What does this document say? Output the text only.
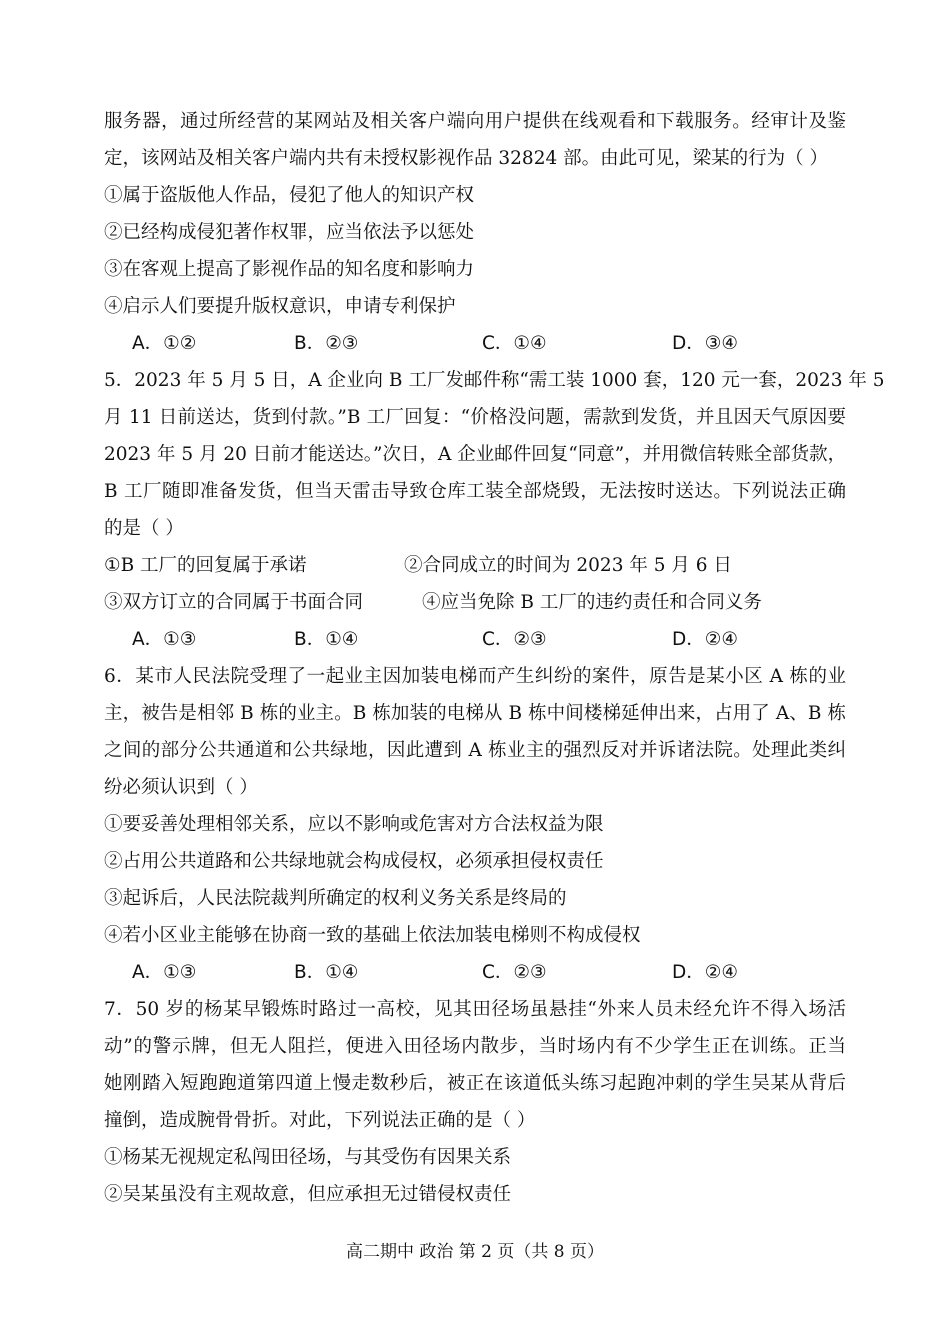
服务器，通过所经营的某网站及相关客户端向用户提供在线观看和下载服务。经审计及鉴
定，该网站及相关客户端内共有未授权影视作品 32824 部。由此可见，梁某的行为（ ）
①属于盗版他人作品，侵犯了他人的知识产权
②已经构成侵犯著作权罪，应当依法予以惩处
③在客观上提高了影视作品的知名度和影响力
④启示人们要提升版权意识，申请专利保护
A．①②	B．②③	C．①④	D．③④
5．2023 年 5 月 5 日，A 企业向 B 工厂发邮件称“需工装 1000 套，120 元一套，2023 年 5
月 11 日前送达，货到付款。”B 工厂回复：“价格没问题，需款到发货，并且因天气原因要
2023 年 5 月 20 日前才能送达。”次日，A 企业邮件回复“同意”，并用微信转账全部货款，
B 工厂随即准备发货，但当天雷击导致仓库工装全部烧毁，无法按时送达。下列说法正确
的是（ ）
①B 工厂的回复属于承诺	②合同成立的时间为 2023 年 5 月 6 日
③双方订立的合同属于书面合同	④应当免除 B 工厂的违约责任和合同义务
A．①③	B．①④	C．②③	D．②④
6．某市人民法院受理了一起业主因加装电梯而产生纠纷的案件，原告是某小区 A 栋的业
主，被告是相邻 B 栋的业主。B 栋加装的电梯从 B 栋中间楼梯延伸出来，占用了 A、B 栋
之间的部分公共通道和公共绿地，因此遭到 A 栋业主的强烈反对并诉诸法院。处理此类纠
纷必须认识到（ ）
①要妥善处理相邻关系，应以不影响或危害对方合法权益为限
②占用公共道路和公共绿地就会构成侵权，必须承担侵权责任
③起诉后，人民法院裁判所确定的权利义务关系是终局的
④若小区业主能够在协商一致的基础上依法加装电梯则不构成侵权
A．①③	B．①④	C．②③	D．②④
7．50 岁的杨某早锻炼时路过一高校，见其田径场虽悬挂“外来人员未经允许不得入场活
动”的警示牌，但无人阻拦，便进入田径场内散步，当时场内有不少学生正在训练。正当
她刚踏入短跑跑道第四道上慢走数秒后，被正在该道低头练习起跑冲刺的学生吴某从背后
撞倒，造成腕骨骨折。对此，下列说法正确的是（ ）
①杨某无视规定私闯田径场，与其受伤有因果关系
②吴某虽没有主观故意，但应承担无过错侵权责任
高二期中 政治 第 2 页（共 8 页）
